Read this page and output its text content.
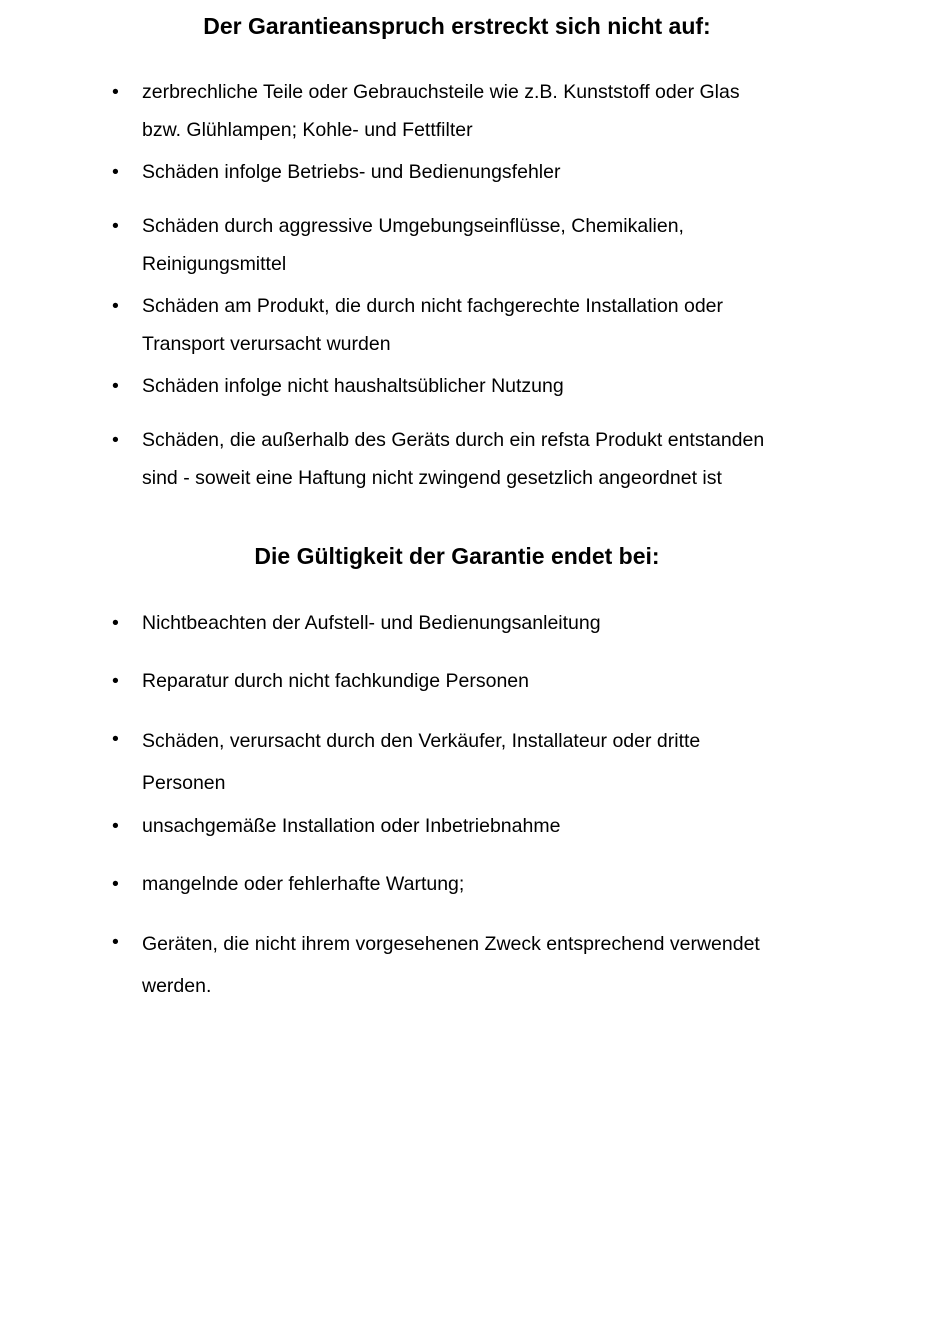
Der Garantieanspruch erstreckt sich nicht auf:
•	zerbrechliche Teile oder Gebrauchsteile wie z.B. Kunststoff oder Glas
bzw. Glühlampen; Kohle- und Fettfilter
•	Schäden infolge Betriebs- und Bedienungsfehler
•	Schäden durch aggressive Umgebungseinflüsse, Chemikalien,
Reinigungsmittel
•	Schäden am Produkt, die durch nicht fachgerechte Installation oder
Transport verursacht wurden
•	Schäden infolge nicht haushaltsüblicher Nutzung
•	Schäden, die außerhalb des Geräts durch ein refsta Produkt entstanden
sind - soweit eine Haftung nicht zwingend gesetzlich angeordnet ist
Die Gültigkeit der Garantie endet bei:
•	Nichtbeachten der Aufstell- und Bedienungsanleitung
•	Reparatur durch nicht fachkundige Personen
•	Schäden, verursacht durch den Verkäufer, Installateur oder dritte
Personen
•	unsachgemäße Installation oder Inbetriebnahme
•	mangelnde oder fehlerhafte Wartung;
•	Geräten, die nicht ihrem vorgesehenen Zweck entsprechend verwendet
werden.
